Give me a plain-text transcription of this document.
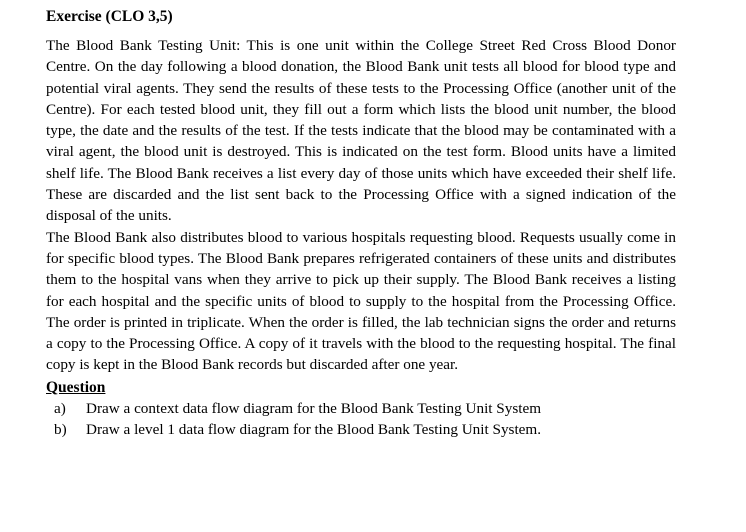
Exercise (CLO 3,5)

The Blood Bank Testing Unit: This is one unit within the College Street Red Cross Blood Donor Centre. On the day following a blood donation, the Blood Bank unit tests all blood for blood type and potential viral agents. They send the results of these tests to the Processing Office (another unit of the Centre). For each tested blood unit, they fill out a form which lists the blood unit number, the blood type, the date and the results of the test. If the tests indicate that the blood may be contaminated with a viral agent, the blood unit is destroyed. This is indicated on the test form. Blood units have a limited shelf life. The Blood Bank receives a list every day of those units which have exceeded their shelf life. These are discarded and the list sent back to the Processing Office with a signed indication of the disposal of the units.

The Blood Bank also distributes blood to various hospitals requesting blood. Requests usually come in for specific blood types. The Blood Bank prepares refrigerated containers of these units and distributes them to the hospital vans when they arrive to pick up their supply. The Blood Bank receives a listing for each hospital and the specific units of blood to supply to the hospital from the Processing Office. The order is printed in triplicate. When the order is filled, the lab technician signs the order and returns a copy to the Processing Office. A copy of it travels with the blood to the requesting hospital. The final copy is kept in the Blood Bank records but discarded after one year.

Question
a)	Draw a context data flow diagram for the Blood Bank Testing Unit System
b)	Draw a level 1 data flow diagram for the Blood Bank Testing Unit System.
